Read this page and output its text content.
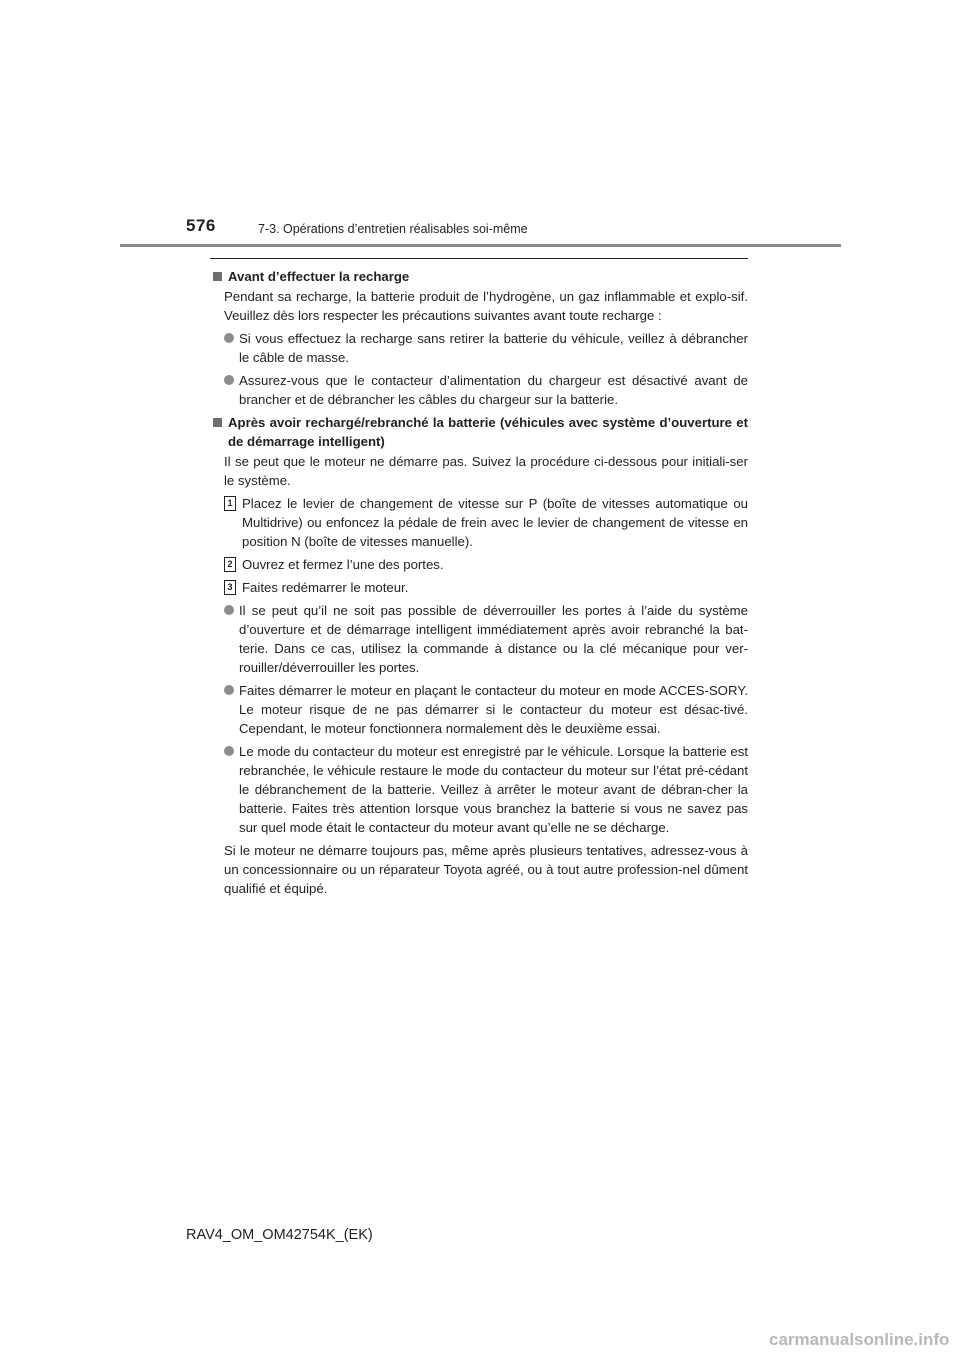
576	7-3. Opérations d’entretien réalisables soi-même
Avant d’effectuer la recharge

Pendant sa recharge, la batterie produit de l’hydrogène, un gaz inflammable et explo-sif. Veuillez dès lors respecter les précautions suivantes avant toute recharge :

Si vous effectuez la recharge sans retirer la batterie du véhicule, veillez à débrancher le câble de masse.
Assurez-vous que le contacteur d’alimentation du chargeur est désactivé avant de brancher et de débrancher les câbles du chargeur sur la batterie.
Après avoir rechargé/rebranché la batterie (véhicules avec système d’ouverture et de démarrage intelligent)

Il se peut que le moteur ne démarre pas. Suivez la procédure ci-dessous pour initiali-ser le système.

1 Placez le levier de changement de vitesse sur P (boîte de vitesses automatique ou Multidrive) ou enfoncez la pédale de frein avec le levier de changement de vitesse en position N (boîte de vitesses manuelle).
2 Ouvrez et fermez l’une des portes.
3 Faites redémarrer le moteur.
Il se peut qu’il ne soit pas possible de déverrouiller les portes à l’aide du système d’ouverture et de démarrage intelligent immédiatement après avoir rebranché la bat-terie. Dans ce cas, utilisez la commande à distance ou la clé mécanique pour ver-rouiller/déverrouiller les portes.
Faites démarrer le moteur en plaçant le contacteur du moteur en mode ACCES-SORY. Le moteur risque de ne pas démarrer si le contacteur du moteur est désac-tivé. Cependant, le moteur fonctionnera normalement dès le deuxième essai.
Le mode du contacteur du moteur est enregistré par le véhicule. Lorsque la batterie est rebranchée, le véhicule restaure le mode du contacteur du moteur sur l’état pré-cédant le débranchement de la batterie. Veillez à arrêter le moteur avant de débran-cher la batterie. Faites très attention lorsque vous branchez la batterie si vous ne savez pas sur quel mode était le contacteur du moteur avant qu’elle ne se décharge.

Si le moteur ne démarre toujours pas, même après plusieurs tentatives, adressez-vous à un concessionnaire ou un réparateur Toyota agréé, ou à tout autre profession-nel dûment qualifié et équipé.

RAV4_OM_OM42754K_(EK)
carmanualsonline.info
